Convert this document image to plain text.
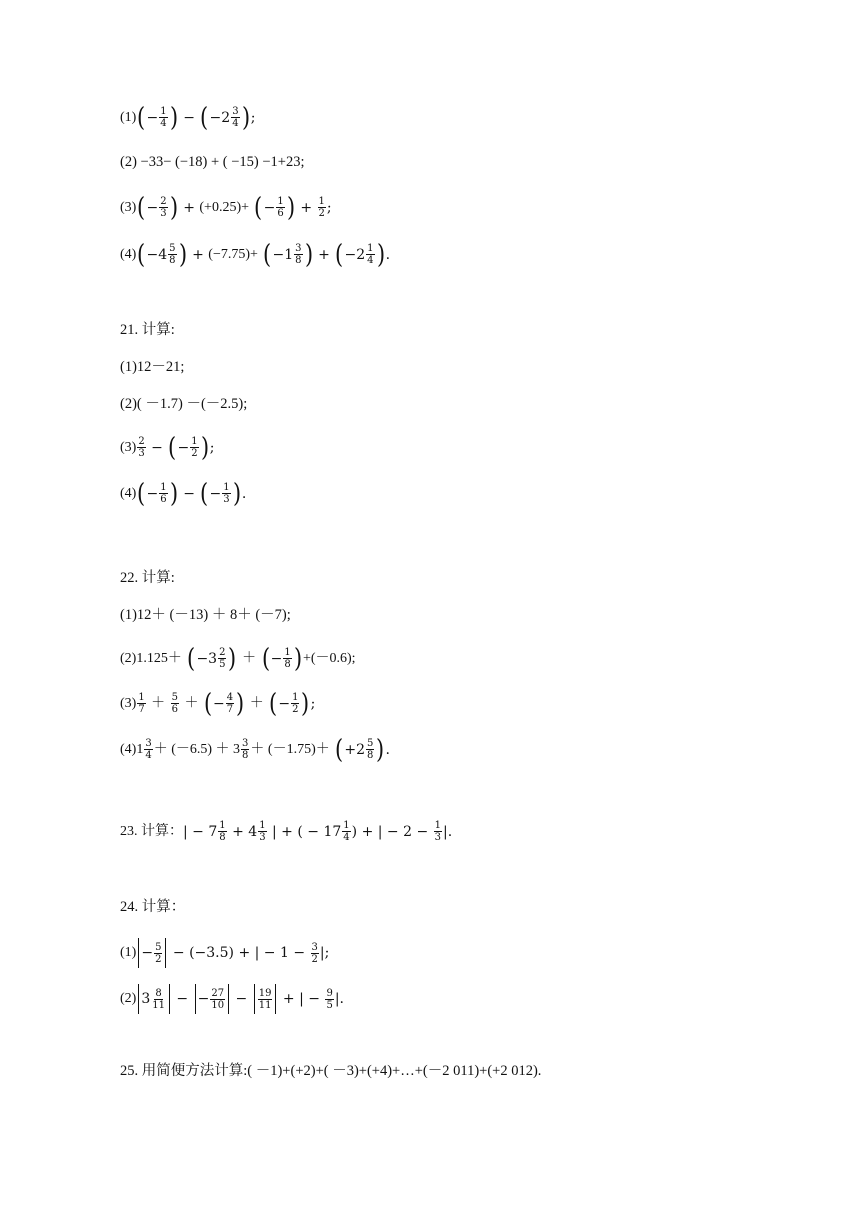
(1) ( − $\frac{1}{4}$ ) − ( $-2 \frac{3}{4}$ ) ;
(2) −33− (−18) + ( −15) −1+23;
(3) ( − $\frac{2}{3}$ ) + (+0.25)+
( − $\frac{1}{6}$ ) + $\frac{1}{2}$ ;
(4) ( $-4 \frac{5}{8}$ ) + (−7.75)+
( $-1 \frac{3}{8}$ ) + ( $-2 \frac{1}{4}$ ) .
21. 计算:
(1)12－21;
(2)( －1.7) －(－2.5);
$(3) \frac{2}{3}$ − ( − $\frac{1}{2}$ ) ;
(4) ( − $\frac{1}{6}$ ) − ( − $\frac{1}{3}$ ) .
22. 计算:
(1)12＋ (－13) ＋ 8＋ (－7);
(2)1.125＋
( $-3 \frac{2}{5}$ )
＋
( − $\frac{1}{8}$ ) +(－0.6);
$(3) \frac{1}{7}$
＋
$\frac{5}{6}$
＋
( − $\frac{4}{7}$ )
＋
( − $\frac{1}{2}$ ) ;
$(4)1 \frac{3}{4} + (-6.5) + 3 \frac{3}{8} + (-1.75)+$
( $+2 \frac{5}{8}$ ) .
23. 计算： | − $7 \frac{1}{8} + 4 \frac{1}{3}$ | + ( − $17 \frac{1}{4}$ ) + | − $2 - \frac{1}{3}$ |.
24. 计算：
$(1) - \frac{5}{2} - (-3.5)$ + | − $1 - \frac{3}{2}$ |;
(2) $3 \frac{8}{11}$ −
− $\frac{27}{10} - \frac{19}{11}$ + | − $\frac{9}{5}$ |.
25. 用简便方法计算:( －1)+(+2)+( －3)+(+4)+…+(－2 011)+(+2 012).
